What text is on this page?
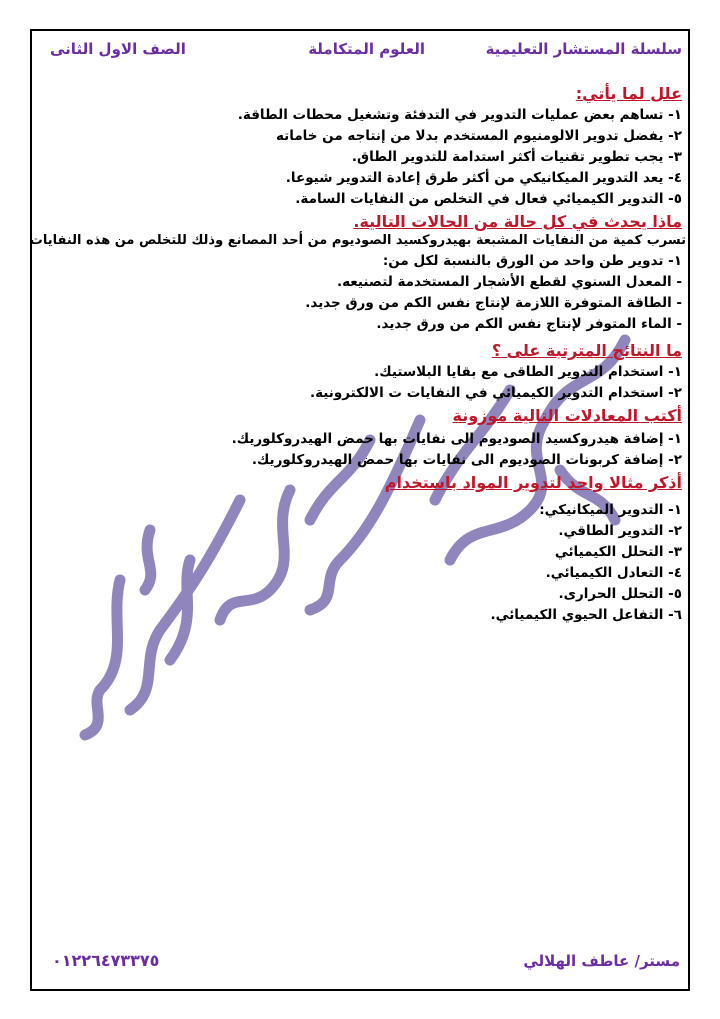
سلسلة المستشار التعليمية
العلوم المتكاملة
الصف الاول الثانى
علل لما يأتي:
١- تساهم بعض عمليات التدوير في التدفئة وتشغيل محطات الطاقة.
٢- يفضل تدوير الالومنيوم المستخدم بدلا من إنتاجه من خاماته
٣- يجب تطوير تقنيات أكثر استدامة للتدوير الطاق.
٤- يعد التدوير الميكانيكي من أكثر طرق إعادة التدوير شيوعا.
٥- التدوير الكيميائي فعال في التخلص من النفايات السامة.
ماذا يحدث في كل حالة من الحالات التالية.
تسرب كمية من النفايات المشبعة بهيدروكسيد الصوديوم من أحد المصانع وذلك للتخلص من هذه النفايات
١- تدوير طن واحد من الورق بالنسبة لكل من:
- المعدل السنوي لقطع الأشجار المستخدمة لتصنيعه.
- الطاقة المتوفرة اللازمة لإنتاج نفس الكم من ورق جديد.
- الماء المتوفر لإنتاج نفس الكم من ورق جديد.
ما النتائج المترتبة على ؟
١- استخدام التدوير الطاقى مع بقايا البلاستيك.
٢- استخدام التدوير الكيميائي في النفايات ت الالكترونية.
أكتب المعادلات التالية موزونة
١- إضافة هيدروكسيد الصوديوم الى نفايات بها حمض الهيدروكلوريك.
٢- إضافة كربونات الصوديوم الى نفايات بها حمض الهيدروكلوريك.
أذكر مثالا واحد لتدوير المواد باستخدام
١- التدوير الميكانيكي:
٢- التدوير الطاقي.
٣- التحلل الكيميائي
٤- التعادل الكيميائي.
٥- التحلل الحرارى.
٦- التفاعل الحيوي الكيميائي.
مستر/ عاطف الهلالي
٠١٢٢٦٤٧٣٣٧٥
